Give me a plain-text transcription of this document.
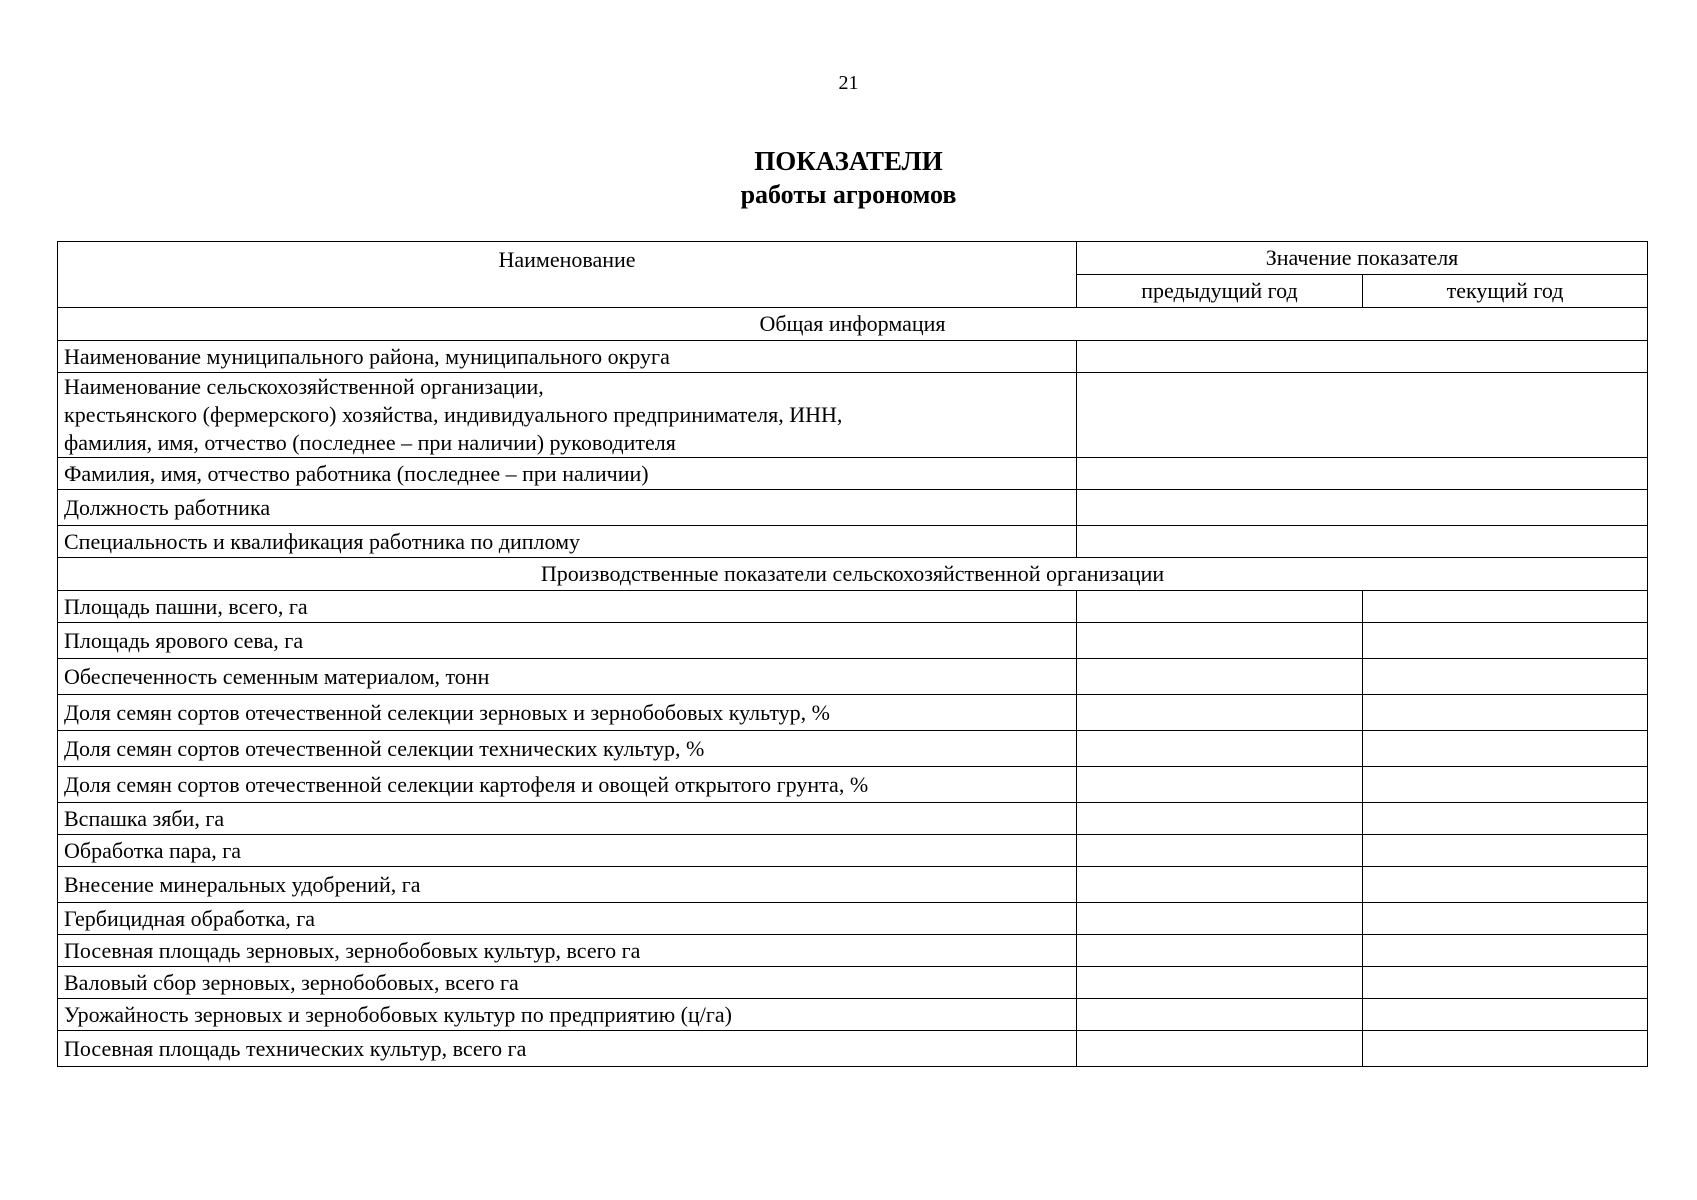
21
ПОКАЗАТЕЛИ
работы агрономов
Наименование	Значение показателя	
	предыдущий год	текущий год
Общая информация		
Наименование муниципального района, муниципального округа		
Наименование сельскохозяйственной организации,
крестьянского (фермерского) хозяйства, индивидуального предпринимателя, ИНН,
фамилия, имя, отчество (последнее – при наличии) руководителя		
Фамилия, имя, отчество работника (последнее – при наличии)		
Должность работника		
Специальность и квалификация работника по диплому		
Производственные показатели сельскохозяйственной организации		
Площадь пашни, всего, га		
Площадь ярового сева, га		
Обеспеченность семенным материалом, тонн		
Доля семян сортов отечественной селекции зерновых и зернобобовых культур, %		
Доля семян сортов отечественной селекции технических культур, %		
Доля семян сортов отечественной селекции картофеля и овощей открытого грунта, %		
Вспашка зяби, га		
Обработка пара, га		
Внесение минеральных удобрений, га		
Гербицидная обработка, га		
Посевная площадь зерновых, зернобобовых культур, всего га		
Валовый сбор зерновых, зернобобовых, всего га		
Урожайность зерновых и зернобобовых культур по предприятию (ц/га)		
Посевная площадь технических культур, всего га		
